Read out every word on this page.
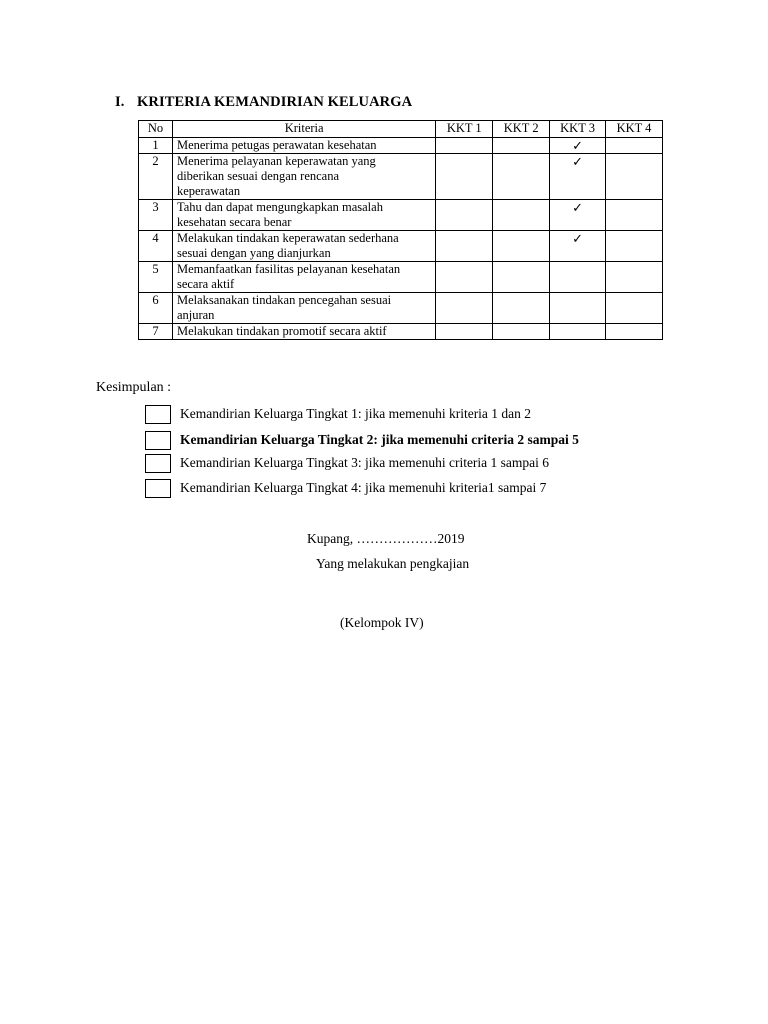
I. KRITERIA KEMANDIRIAN KELUARGA
No	Kriteria	KKT 1	KKT 2	KKT 3	KKT 4
1	Menerima petugas perawatan kesehatan			✓	
2	Menerima pelayanan keperawatan yang
diberikan sesuai dengan rencana
keperawatan			✓	
3	Tahu dan dapat mengungkapkan masalah
kesehatan secara benar			✓	
4	Melakukan tindakan keperawatan sederhana
sesuai dengan yang dianjurkan			✓	
5	Memanfaatkan fasilitas pelayanan kesehatan
secara aktif				

6	Melaksanakan tindakan pencegahan sesuai
anjuran				

7	Melakukan tindakan promotif secara aktif				

Kesimpulan :
Kemandirian Keluarga Tingkat 1: jika memenuhi kriteria 1 dan 2
Kemandirian Keluarga Tingkat 2: jika memenuhi criteria 2 sampai 5
Kemandirian Keluarga Tingkat 3: jika memenuhi criteria 1 sampai 6
Kemandirian Keluarga Tingkat 4: jika memenuhi kriteria1 sampai 7
Kupang, ………………2019
Yang melakukan pengkajian
(Kelompok IV)
